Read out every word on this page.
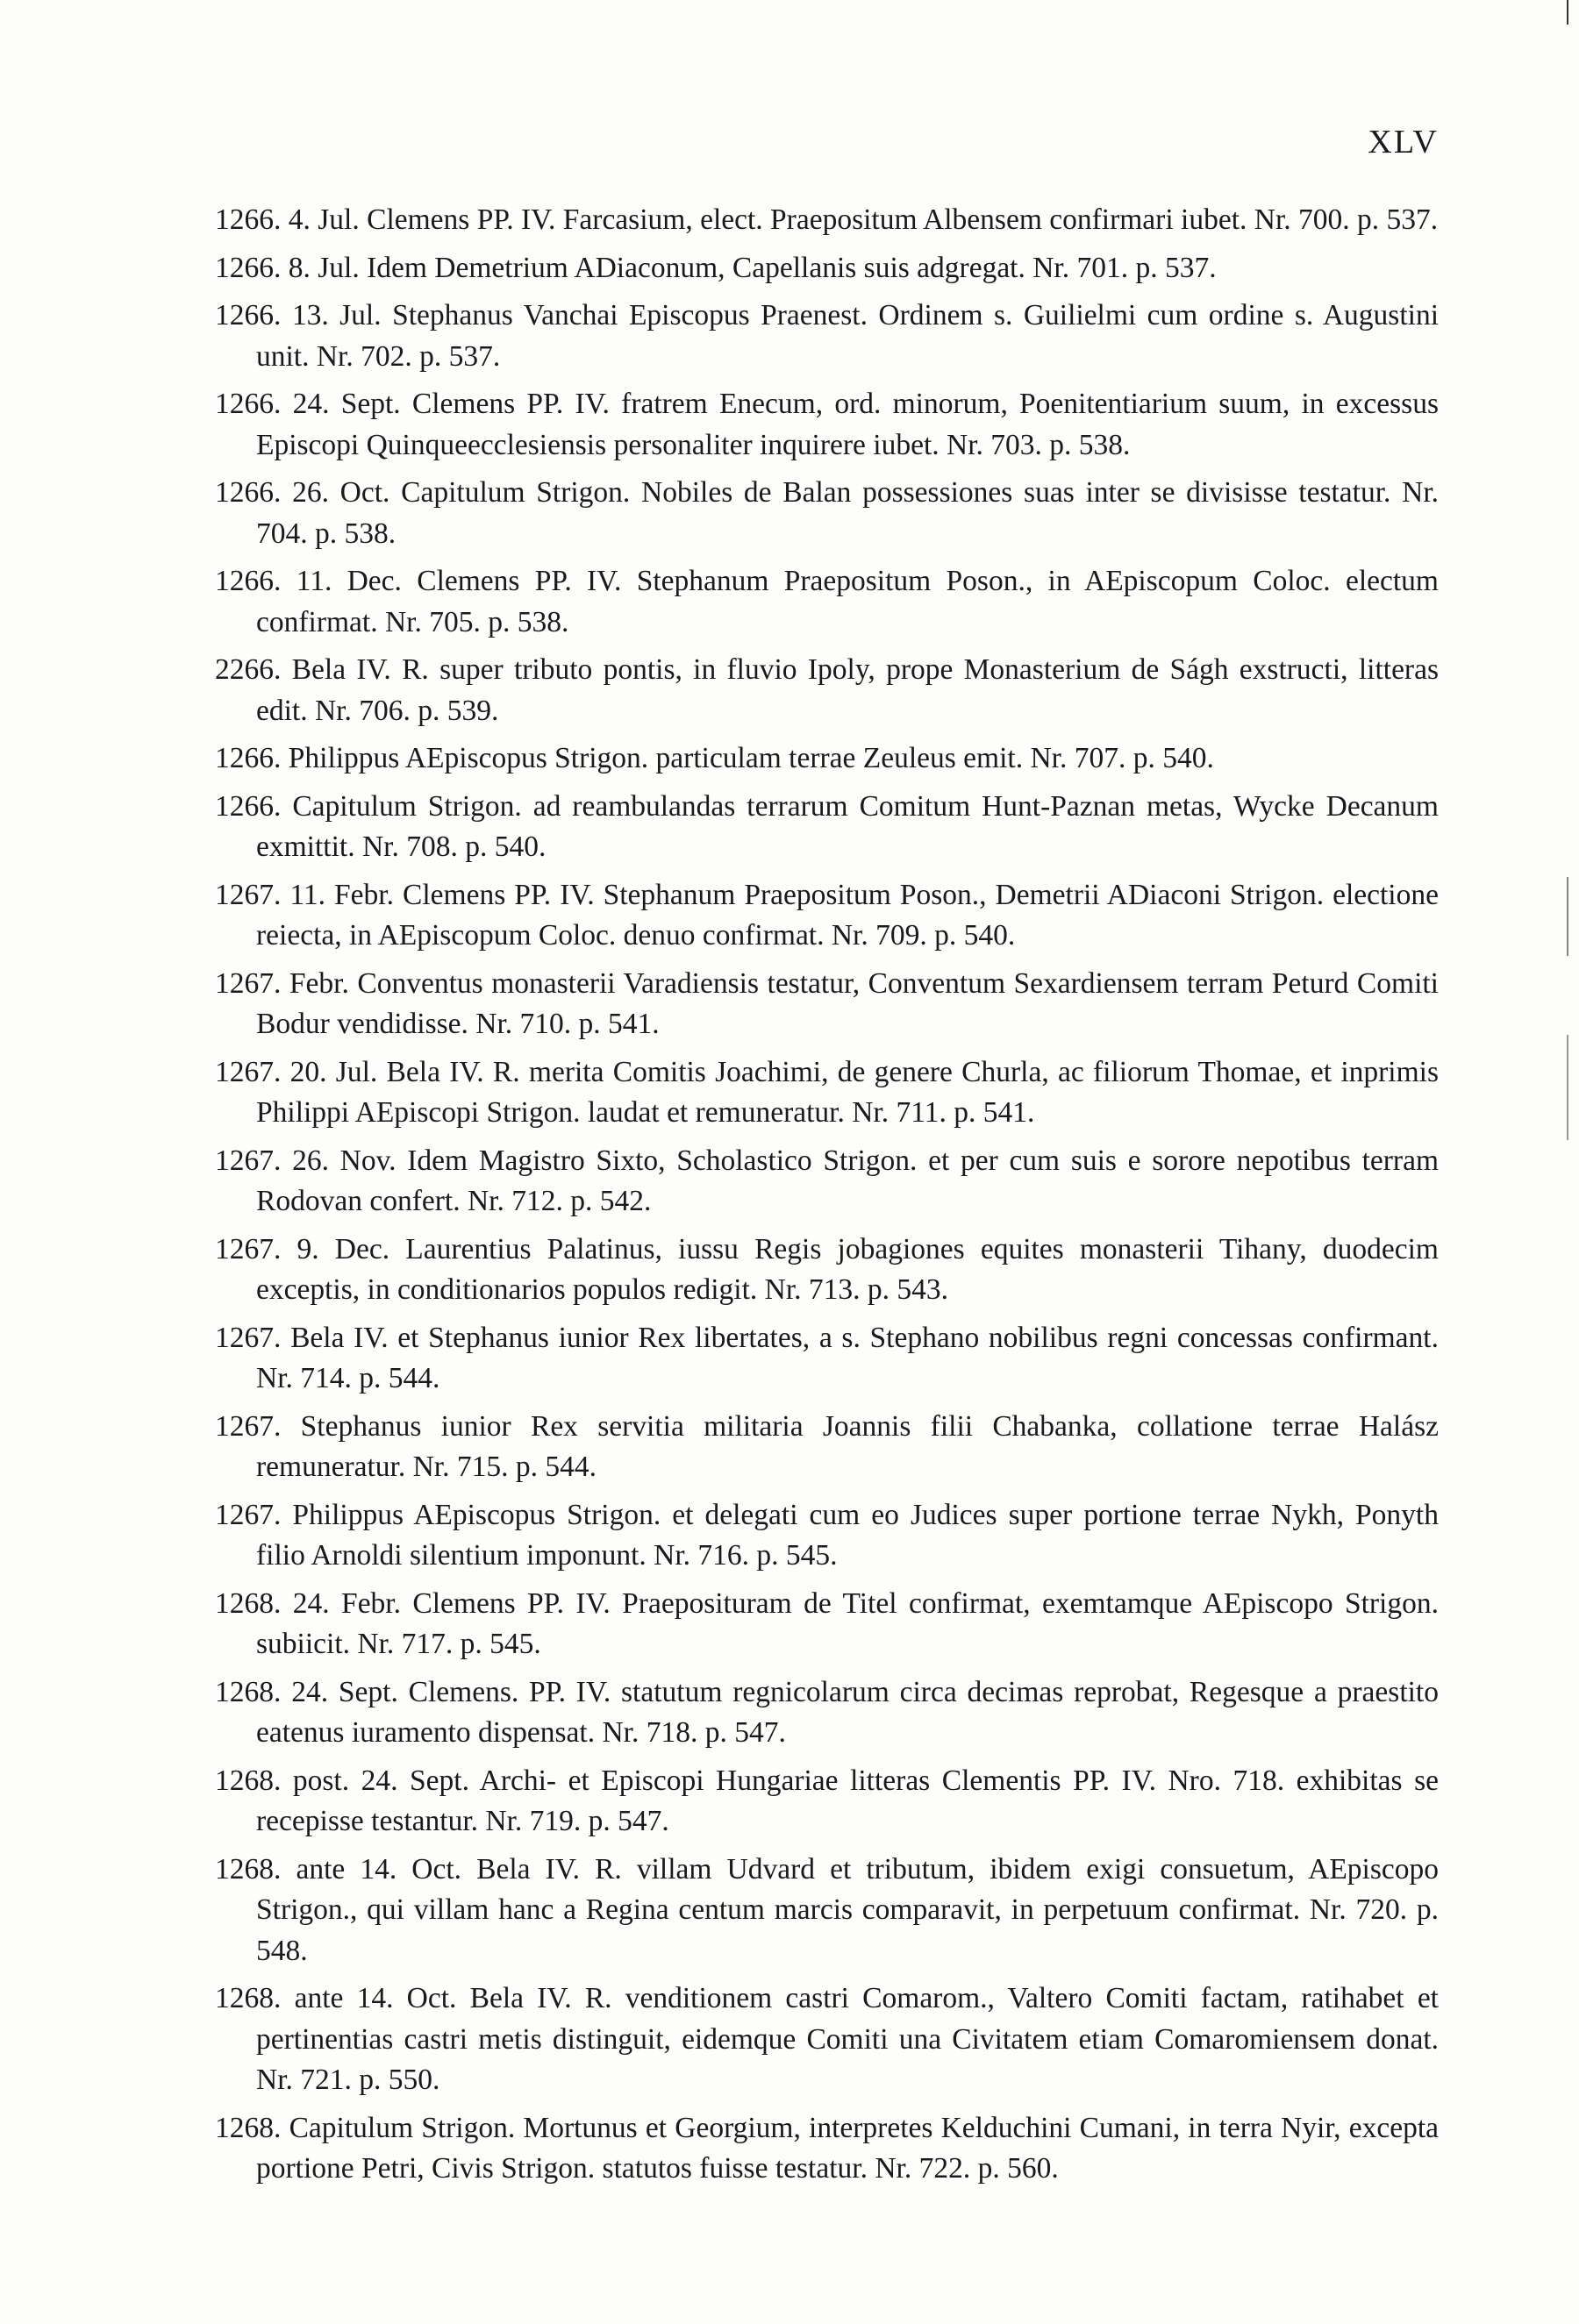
XLV

1266. 4. Jul. Clemens PP. IV. Farcasium, elect. Praepositum Albensem confirmari iubet. Nr. 700. p. 537.

1266. 8. Jul. Idem Demetrium ADiaconum, Capellanis suis adgregat. Nr. 701. p. 537.

1266. 13. Jul. Stephanus Vanchai Episcopus Praenest. Ordinem s. Guilielmi cum ordine s. Augustini unit. Nr. 702. p. 537.

1266. 24. Sept. Clemens PP. IV. fratrem Enecum, ord. minorum, Poenitentiarium suum, in excessus Episcopi Quinqueecclesiensis personaliter inquirere iubet. Nr. 703. p. 538.

1266. 26. Oct. Capitulum Strigon. Nobiles de Balan possessiones suas inter se divisisse testatur. Nr. 704. p. 538.

1266. 11. Dec. Clemens PP. IV. Stephanum Praepositum Poson., in AEpiscopum Coloc. electum confirmat. Nr. 705. p. 538.

2266. Bela IV. R. super tributo pontis, in fluvio Ipoly, prope Monasterium de Ságh exstructi, litteras edit. Nr. 706. p. 539.

1266. Philippus AEpiscopus Strigon. particulam terrae Zeuleus emit. Nr. 707. p. 540.

1266. Capitulum Strigon. ad reambulandas terrarum Comitum Hunt-Paznan metas, Wycke Decanum exmittit. Nr. 708. p. 540.

1267. 11. Febr. Clemens PP. IV. Stephanum Praepositum Poson., Demetrii ADiaconi Strigon. electione reiecta, in AEpiscopum Coloc. denuo confirmat. Nr. 709. p. 540.

1267. Febr. Conventus monasterii Varadiensis testatur, Conventum Sexardiensem terram Peturd Comiti Bodur vendidisse. Nr. 710. p. 541.

1267. 20. Jul. Bela IV. R. merita Comitis Joachimi, de genere Churla, ac filiorum Thomae, et inprimis Philippi AEpiscopi Strigon. laudat et remuneratur. Nr. 711. p. 541.

1267. 26. Nov. Idem Magistro Sixto, Scholastico Strigon. et per cum suis e sorore nepotibus terram Rodovan confert. Nr. 712. p. 542.

1267. 9. Dec. Laurentius Palatinus, iussu Regis jobagiones equites monasterii Tihany, duodecim exceptis, in conditionarios populos redigit. Nr. 713. p. 543.

1267. Bela IV. et Stephanus iunior Rex libertates, a s. Stephano nobilibus regni concessas confirmant. Nr. 714. p. 544.

1267. Stephanus iunior Rex servitia militaria Joannis filii Chabanka, collatione terrae Halász remuneratur. Nr. 715. p. 544.

1267. Philippus AEpiscopus Strigon. et delegati cum eo Judices super portione terrae Nykh, Ponyth filio Arnoldi silentium imponunt. Nr. 716. p. 545.

1268. 24. Febr. Clemens PP. IV. Praeposituram de Titel confirmat, exemtamque AEpiscopo Strigon. subiicit. Nr. 717. p. 545.

1268. 24. Sept. Clemens. PP. IV. statutum regnicolarum circa decimas reprobat, Regesque a praestito eatenus iuramento dispensat. Nr. 718. p. 547.

1268. post. 24. Sept. Archi- et Episcopi Hungariae litteras Clementis PP. IV. Nro. 718. exhibitas se recepisse testantur. Nr. 719. p. 547.

1268. ante 14. Oct. Bela IV. R. villam Udvard et tributum, ibidem exigi consuetum, AEpiscopo Strigon., qui villam hanc a Regina centum marcis comparavit, in perpetuum confirmat. Nr. 720. p. 548.

1268. ante 14. Oct. Bela IV. R. venditionem castri Comarom., Valtero Comiti factam, ratihabet et pertinentias castri metis distinguit, eidemque Comiti una Civitatem etiam Comaromiensem donat. Nr. 721. p. 550.

1268. Capitulum Strigon. Mortunus et Georgium, interpretes Kelduchini Cumani, in terra Nyir, excepta portione Petri, Civis Strigon. statutos fuisse testatur. Nr. 722. p. 560.
